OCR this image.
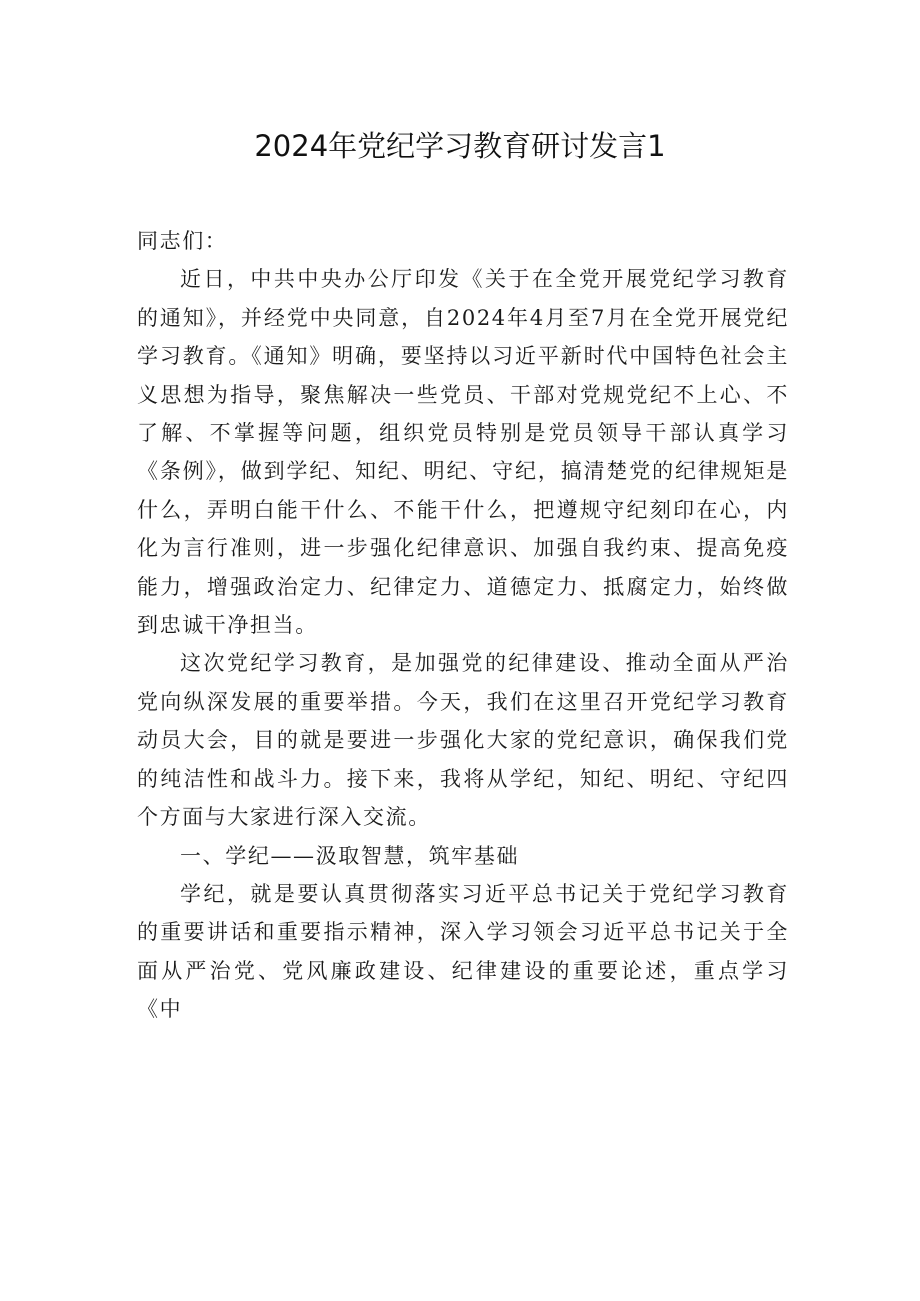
2024年党纪学习教育研讨发言1

同志们：

近日，中共中央办公厅印发《关于在全党开展党纪学习教育的通知》，并经党中央同意，自2024年4月至7月在全党开展党纪学习教育。《通知》明确，要坚持以习近平新时代中国特色社会主义思想为指导，聚焦解决一些党员、干部对党规党纪不上心、不了解、不掌握等问题，组织党员特别是党员领导干部认真学习《条例》，做到学纪、知纪、明纪、守纪，搞清楚党的纪律规矩是什么，弄明白能干什么、不能干什么，把遵规守纪刻印在心，内化为言行准则，进一步强化纪律意识、加强自我约束、提高免疫能力，增强政治定力、纪律定力、道德定力、抵腐定力，始终做到忠诚干净担当。

这次党纪学习教育，是加强党的纪律建设、推动全面从严治党向纵深发展的重要举措。今天，我们在这里召开党纪学习教育动员大会，目的就是要进一步强化大家的党纪意识，确保我们党的纯洁性和战斗力。接下来，我将从学纪，知纪、明纪、守纪四个方面与大家进行深入交流。

一、学纪——汲取智慧，筑牢基础

学纪，就是要认真贯彻落实习近平总书记关于党纪学习教育的重要讲话和重要指示精神，深入学习领会习近平总书记关于全面从严治党、党风廉政建设、纪律建设的重要论述，重点学习《中
